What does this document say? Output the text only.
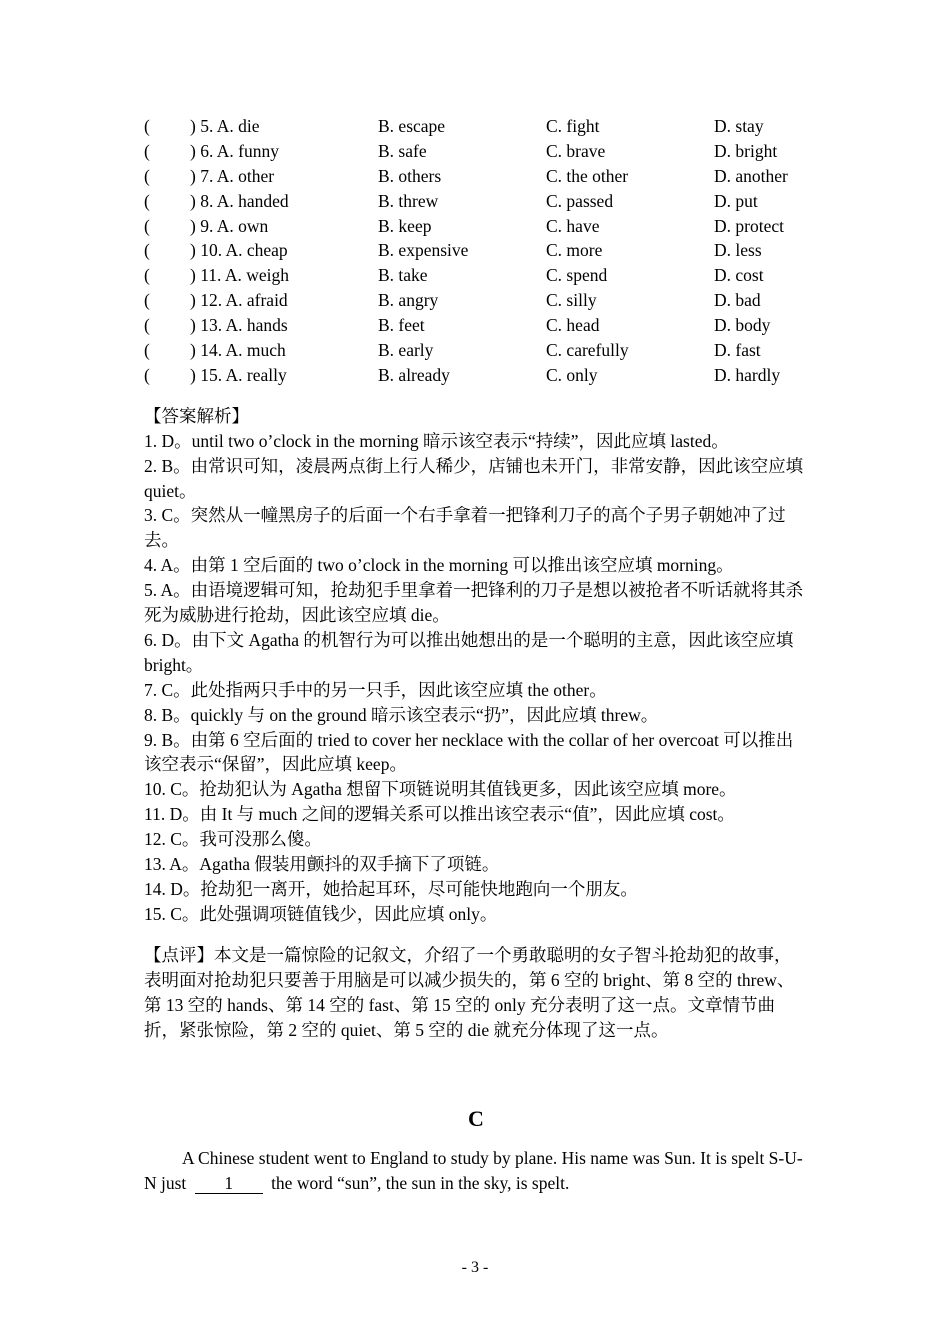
( ) 5. A. die	B. escape	C. fight	D. stay
( ) 6. A. funny	B. safe	C. brave	D. bright
( ) 7. A. other	B. others	C. the other	D. another
( ) 8. A. handed	B. threw	C. passed	D. put
( ) 9. A. own	B. keep	C. have	D. protect
( ) 10. A. cheap	B. expensive	C. more	D. less
( ) 11. A. weigh	B. take	C. spend	D. cost
( ) 12. A. afraid	B. angry	C. silly	D. bad
( ) 13. A. hands	B. feet	C. head	D. body
( ) 14. A. much	B. early	C. carefully	D. fast
( ) 15. A. really	B. already	C. only	D. hardly
【答案解析】

1. D。until two o’clock in the morning 暗示该空表示“持续”，因此应填 lasted。

2. B。由常识可知，凌晨两点街上行人稀少，店铺也未开门，非常安静，因此该空应填 quiet。

3. C。突然从一幢黑房子的后面一个右手拿着一把锋利刀子的高个子男子朝她冲了过去。

4. A。由第 1 空后面的 two o’clock in the morning 可以推出该空应填 morning。

5. A。由语境逻辑可知，抢劫犯手里拿着一把锋利的刀子是想以被抢者不听话就将其杀死为威胁进行抢劫，因此该空应填 die。

6. D。由下文 Agatha 的机智行为可以推出她想出的是一个聪明的主意，因此该空应填 bright。

7. C。此处指两只手中的另一只手，因此该空应填 the other。

8. B。quickly 与 on the ground 暗示该空表示“扔”，因此应填 threw。

9. B。由第 6 空后面的 tried to cover her necklace with the collar of her overcoat 可以推出该空表示“保留”，因此应填 keep。

10. C。抢劫犯认为 Agatha 想留下项链说明其值钱更多，因此该空应填 more。

11. D。由 It 与 much 之间的逻辑关系可以推出该空表示“值”，因此应填 cost。

12. C。我可没那么傻。

13. A。Agatha 假装用颤抖的双手摘下了项链。

14. D。抢劫犯一离开，她拾起耳环，尽可能快地跑向一个朋友。

15. C。此处强调项链值钱少，因此应填 only。

【点评】本文是一篇惊险的记叙文，介绍了一个勇敢聪明的女子智斗抢劫犯的故事，表明面对抢劫犯只要善于用脑是可以减少损失的，第 6 空的 bright、第 8 空的 threw、第 13 空的 hands、第 14 空的 fast、第 15 空的 only 充分表明了这一点。文章情节曲折，紧张惊险，第 2 空的 quiet、第 5 空的 die 就充分体现了这一点。

C
A Chinese student went to England to study by plane. His name was Sun. It is spelt S-U-N just 1 the word “sun”, the sun in the sky, is spelt.
- 3 -
